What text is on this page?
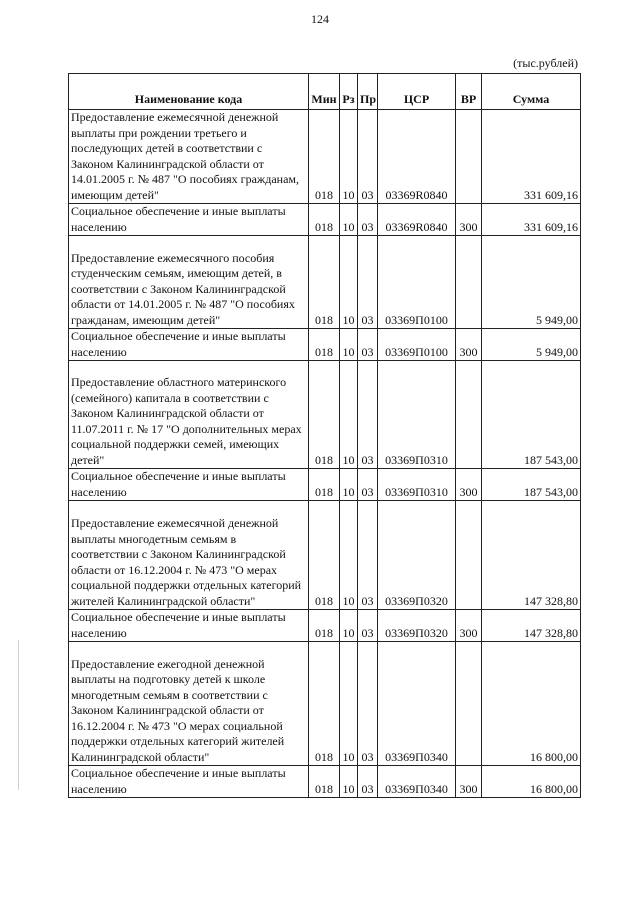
124
(тыс.рублей)
Наименование кода	Мин	Рз	Пр	ЦСР	ВР	Сумма

Предоставление ежемесячной денежной выплаты при рождении третьего и последующих детей в соответствии с Законом Калининградской области от 14.01.2005 г. № 487 "О пособиях гражданам, имеющим детей"	018	10	03	03369R0840		331 609,16

Социальное обеспечение и иные выплаты населению	018	10	03	03369R0840	300	331 609,16

Предоставление ежемесячного пособия студенческим семьям, имеющим детей, в соответствии с Законом Калининградской области от 14.01.2005 г. № 487 "О пособиях гражданам, имеющим детей"	018	10	03	03369П0100		5 949,00

Социальное обеспечение и иные выплаты населению	018	10	03	03369П0100	300	5 949,00

Предоставление областного материнского (семейного) капитала в соответствии с Законом Калининградской области от 11.07.2011 г. № 17 "О дополнительных мерах социальной поддержки семей, имеющих детей"	018	10	03	03369П0310		187 543,00

Социальное обеспечение и иные выплаты населению	018	10	03	03369П0310	300	187 543,00

Предоставление ежемесячной денежной выплаты многодетным семьям в соответствии с Законом Калининградской области от 16.12.2004 г. № 473 "О мерах социальной поддержки отдельных категорий жителей Калининградской области"	018	10	03	03369П0320		147 328,80

Социальное обеспечение и иные выплаты населению	018	10	03	03369П0320	300	147 328,80

Предоставление ежегодной денежной выплаты на подготовку детей к школе многодетным семьям в соответствии с Законом Калининградской области от 16.12.2004 г. № 473 "О мерах социальной поддержки отдельных категорий жителей Калининградской области"	018	10	03	03369П0340		16 800,00

Социальное обеспечение и иные выплаты населению	018	10	03	03369П0340	300	16 800,00
